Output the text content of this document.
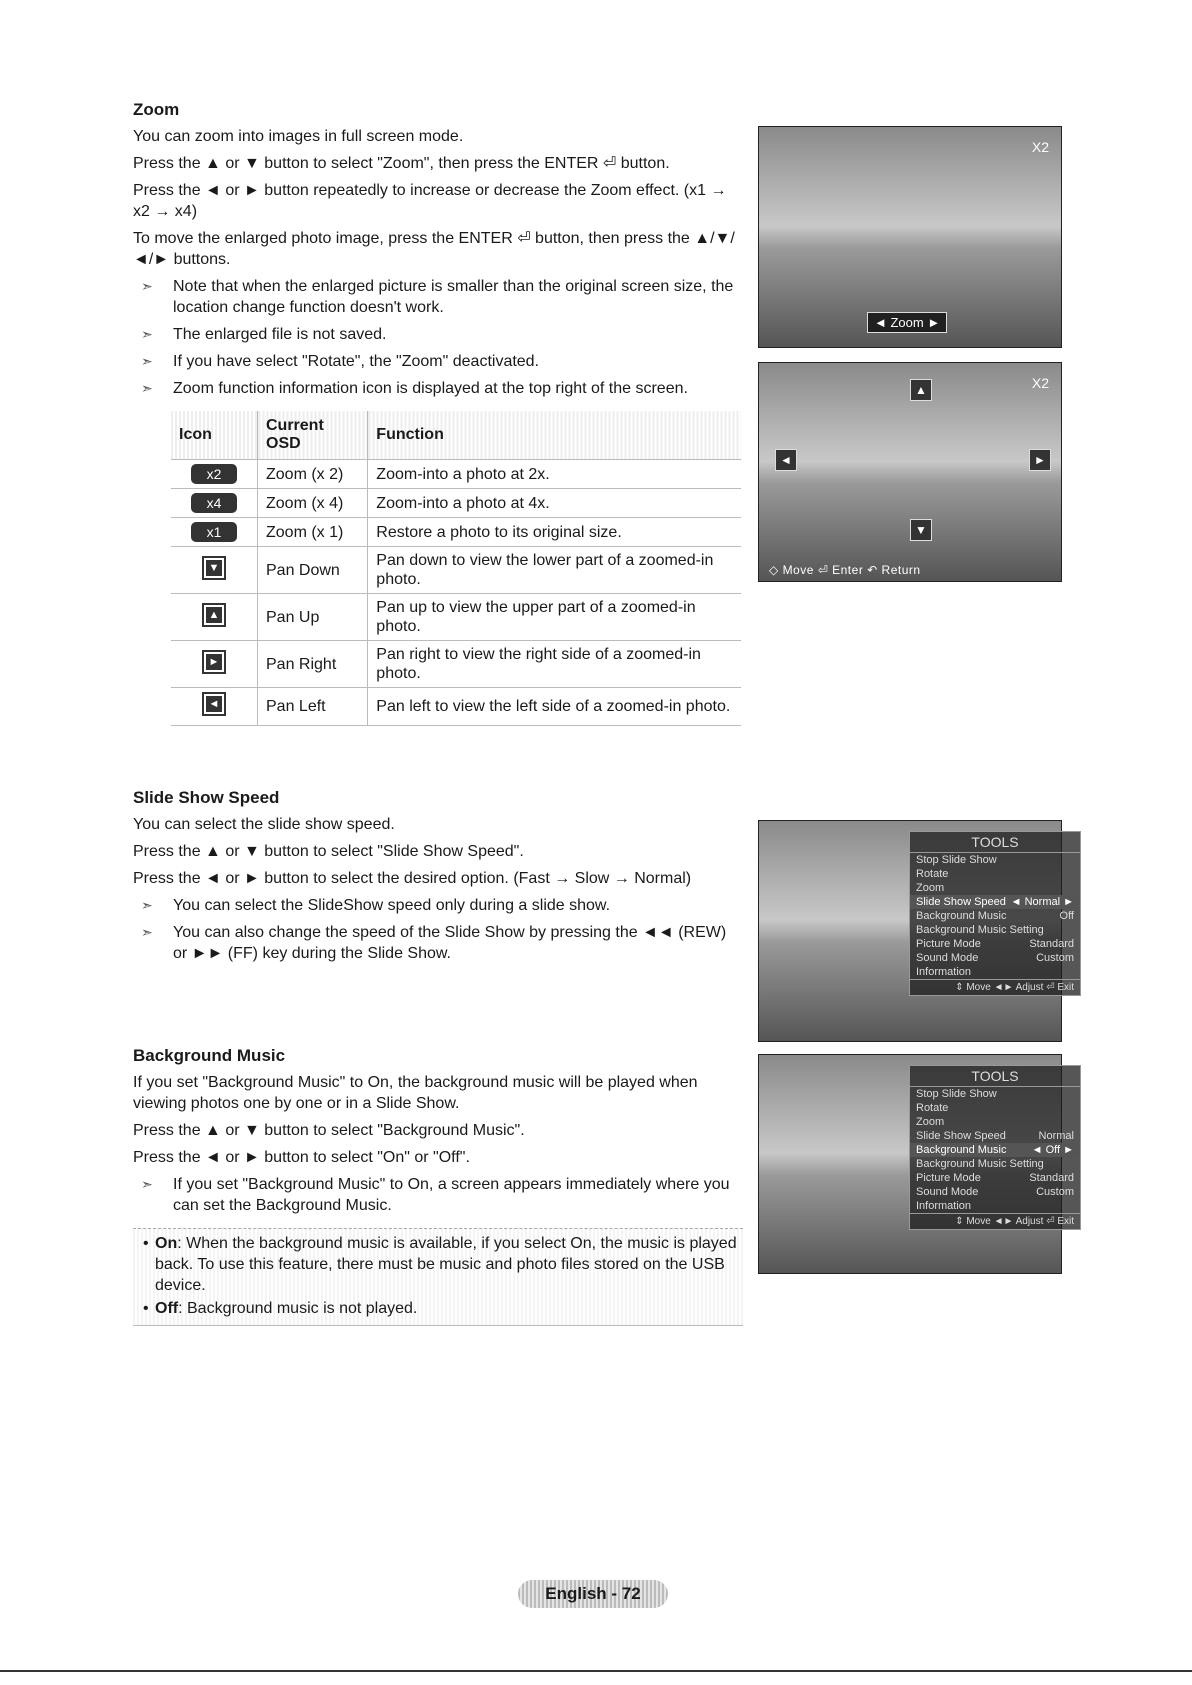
Zoom

You can zoom into images in full screen mode.

Press the ▲ or ▼ button to select "Zoom", then press the ENTER ⏎ button.

Press the ◄ or ► button repeatedly to increase or decrease the Zoom effect. (x1 → x2 → x4)

To move the enlarged photo image, press the ENTER ⏎ button, then press the ▲/▼/◄/► buttons.

➣ Note that when the enlarged picture is smaller than the original screen size, the location change function doesn't work.
➣ The enlarged file is not saved.
➣ If you have select "Rotate", the "Zoom" deactivated.
➣ Zoom function information icon is displayed at the top right of the screen.
Icon	Current OSD	Function
x2	Zoom (x 2)	Zoom-into a photo at 2x.
x4	Zoom (x 4)	Zoom-into a photo at 4x.
x1	Zoom (x 1)	Restore a photo to its original size.

▼	Pan Down	Pan down to view the lower part of a zoomed-in photo.

▲	Pan Up	Pan up to view the upper part of a zoomed-in photo.

►	Pan Right	Pan right to view the right side of a zoomed-in photo.

◄	Pan Left	Pan left to view the left side of a zoomed-in photo.
X2
◄ Zoom ►
X2
▲
◄	►
▼
◇ Move ⏎ Enter ↶ Return
Slide Show Speed

You can select the slide show speed.

Press the ▲ or ▼ button to select "Slide Show Speed".

Press the ◄ or ► button to select the desired option. (Fast → Slow → Normal)

➣ You can select the SlideShow speed only during a slide show.
➣ You can also change the speed of the Slide Show by pressing the ◄◄ (REW) or ►► (FF) key during the Slide Show.
TOOLS
Stop Slide Show
Rotate
Zoom
Slide Show Speed ◄ Normal ►
Background Music	Off
Background Music Setting
Picture Mode	Standard
Sound Mode	Custom
Information
⇕ Move ◄► Adjust ⏎ Exit
Background Music

If you set "Background Music" to On, the background music will be played when viewing photos one by one or in a Slide Show.

Press the ▲ or ▼ button to select "Background Music".

Press the ◄ or ► button to select "On" or "Off".

➣ If you set "Background Music" to On, a screen appears immediately where you can set the Background Music.
• On: When the background music is available, if you select On, the music is played back. To use this feature, there must be music and photo files stored on the USB device.
• Off: Background music is not played.
TOOLS
Stop Slide Show
Rotate
Zoom
Slide Show Speed	Normal
Background Music ◄ Off ►
Background Music Setting
Picture Mode	Standard
Sound Mode	Custom
Information
⇕ Move ◄► Adjust ⏎ Exit
English - 72
